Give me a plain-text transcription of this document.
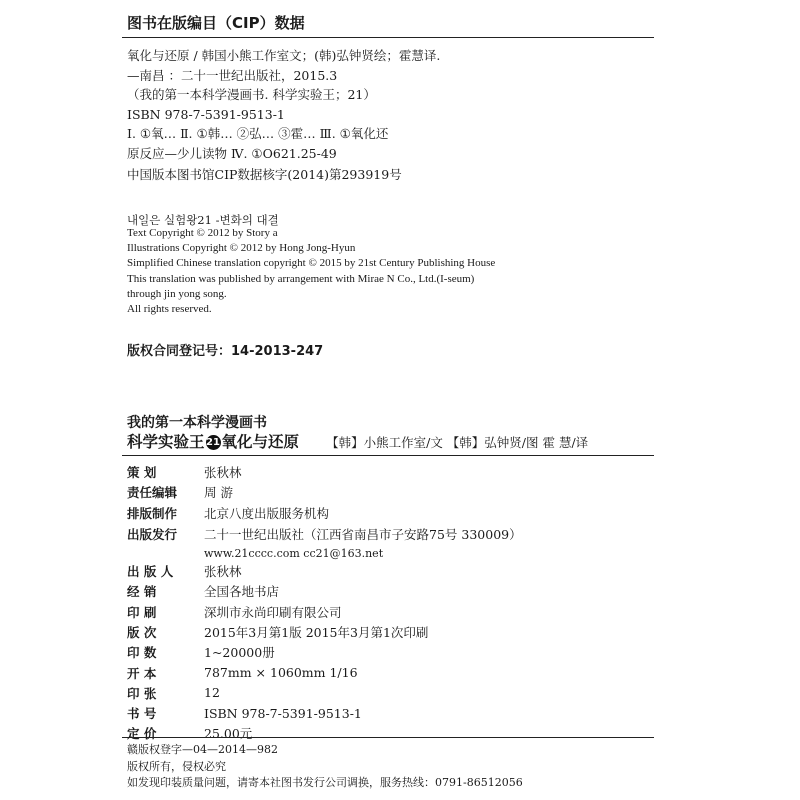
图书在版编目（CIP）数据
氧化与还原 / 韩国小熊工作室文；(韩)弘钟贤绘；霍慧译.
—南昌 ：二十一世纪出版社，2015.3
（我的第一本科学漫画书. 科学实验王；21）
ISBN 978-7-5391-9513-1
Ⅰ. ①氧… Ⅱ. ①韩… ②弘… ③霍… Ⅲ. ①氧化还
原反应—少儿读物 Ⅳ. ①O621.25-49
中国版本图书馆CIP数据核字(2014)第293919号
내일은 실험왕21 -변화의 대결
Text Copyright © 2012 by Story a
Illustrations Copyright © 2012 by Hong Jong-Hyun
Simplified Chinese translation copyright © 2015 by 21st Century Publishing House
This translation was published by arrangement with Mirae N Co., Ltd.(I-seum)
through jin yong song.
All rights reserved.
版权合同登记号：14-2013-247
我的第一本科学漫画书
科学实验王 21氧化与还原 【韩】小熊工作室/文 【韩】弘钟贤/图 霍 慧/译
策 划	张秋林
责任编辑	周 游
排版制作	北京八度出版服务机构
出版发行	二十一世纪出版社（江西省南昌市子安路75号 330009）
www.21cccc.com cc21@163.net
出 版 人	张秋林
经 销	全国各地书店
印 刷	深圳市永尚印刷有限公司
版 次	2015年3月第1版 2015年3月第1次印刷
印 数	1~20000册
开 本	787mm × 1060mm 1/16
印 张	12
书 号	ISBN 978-7-5391-9513-1
定 价	25.00元
赣版权登字—04—2014—982
版权所有，侵权必究
如发现印装质量问题，请寄本社图书发行公司调换，服务热线：0791-86512056
